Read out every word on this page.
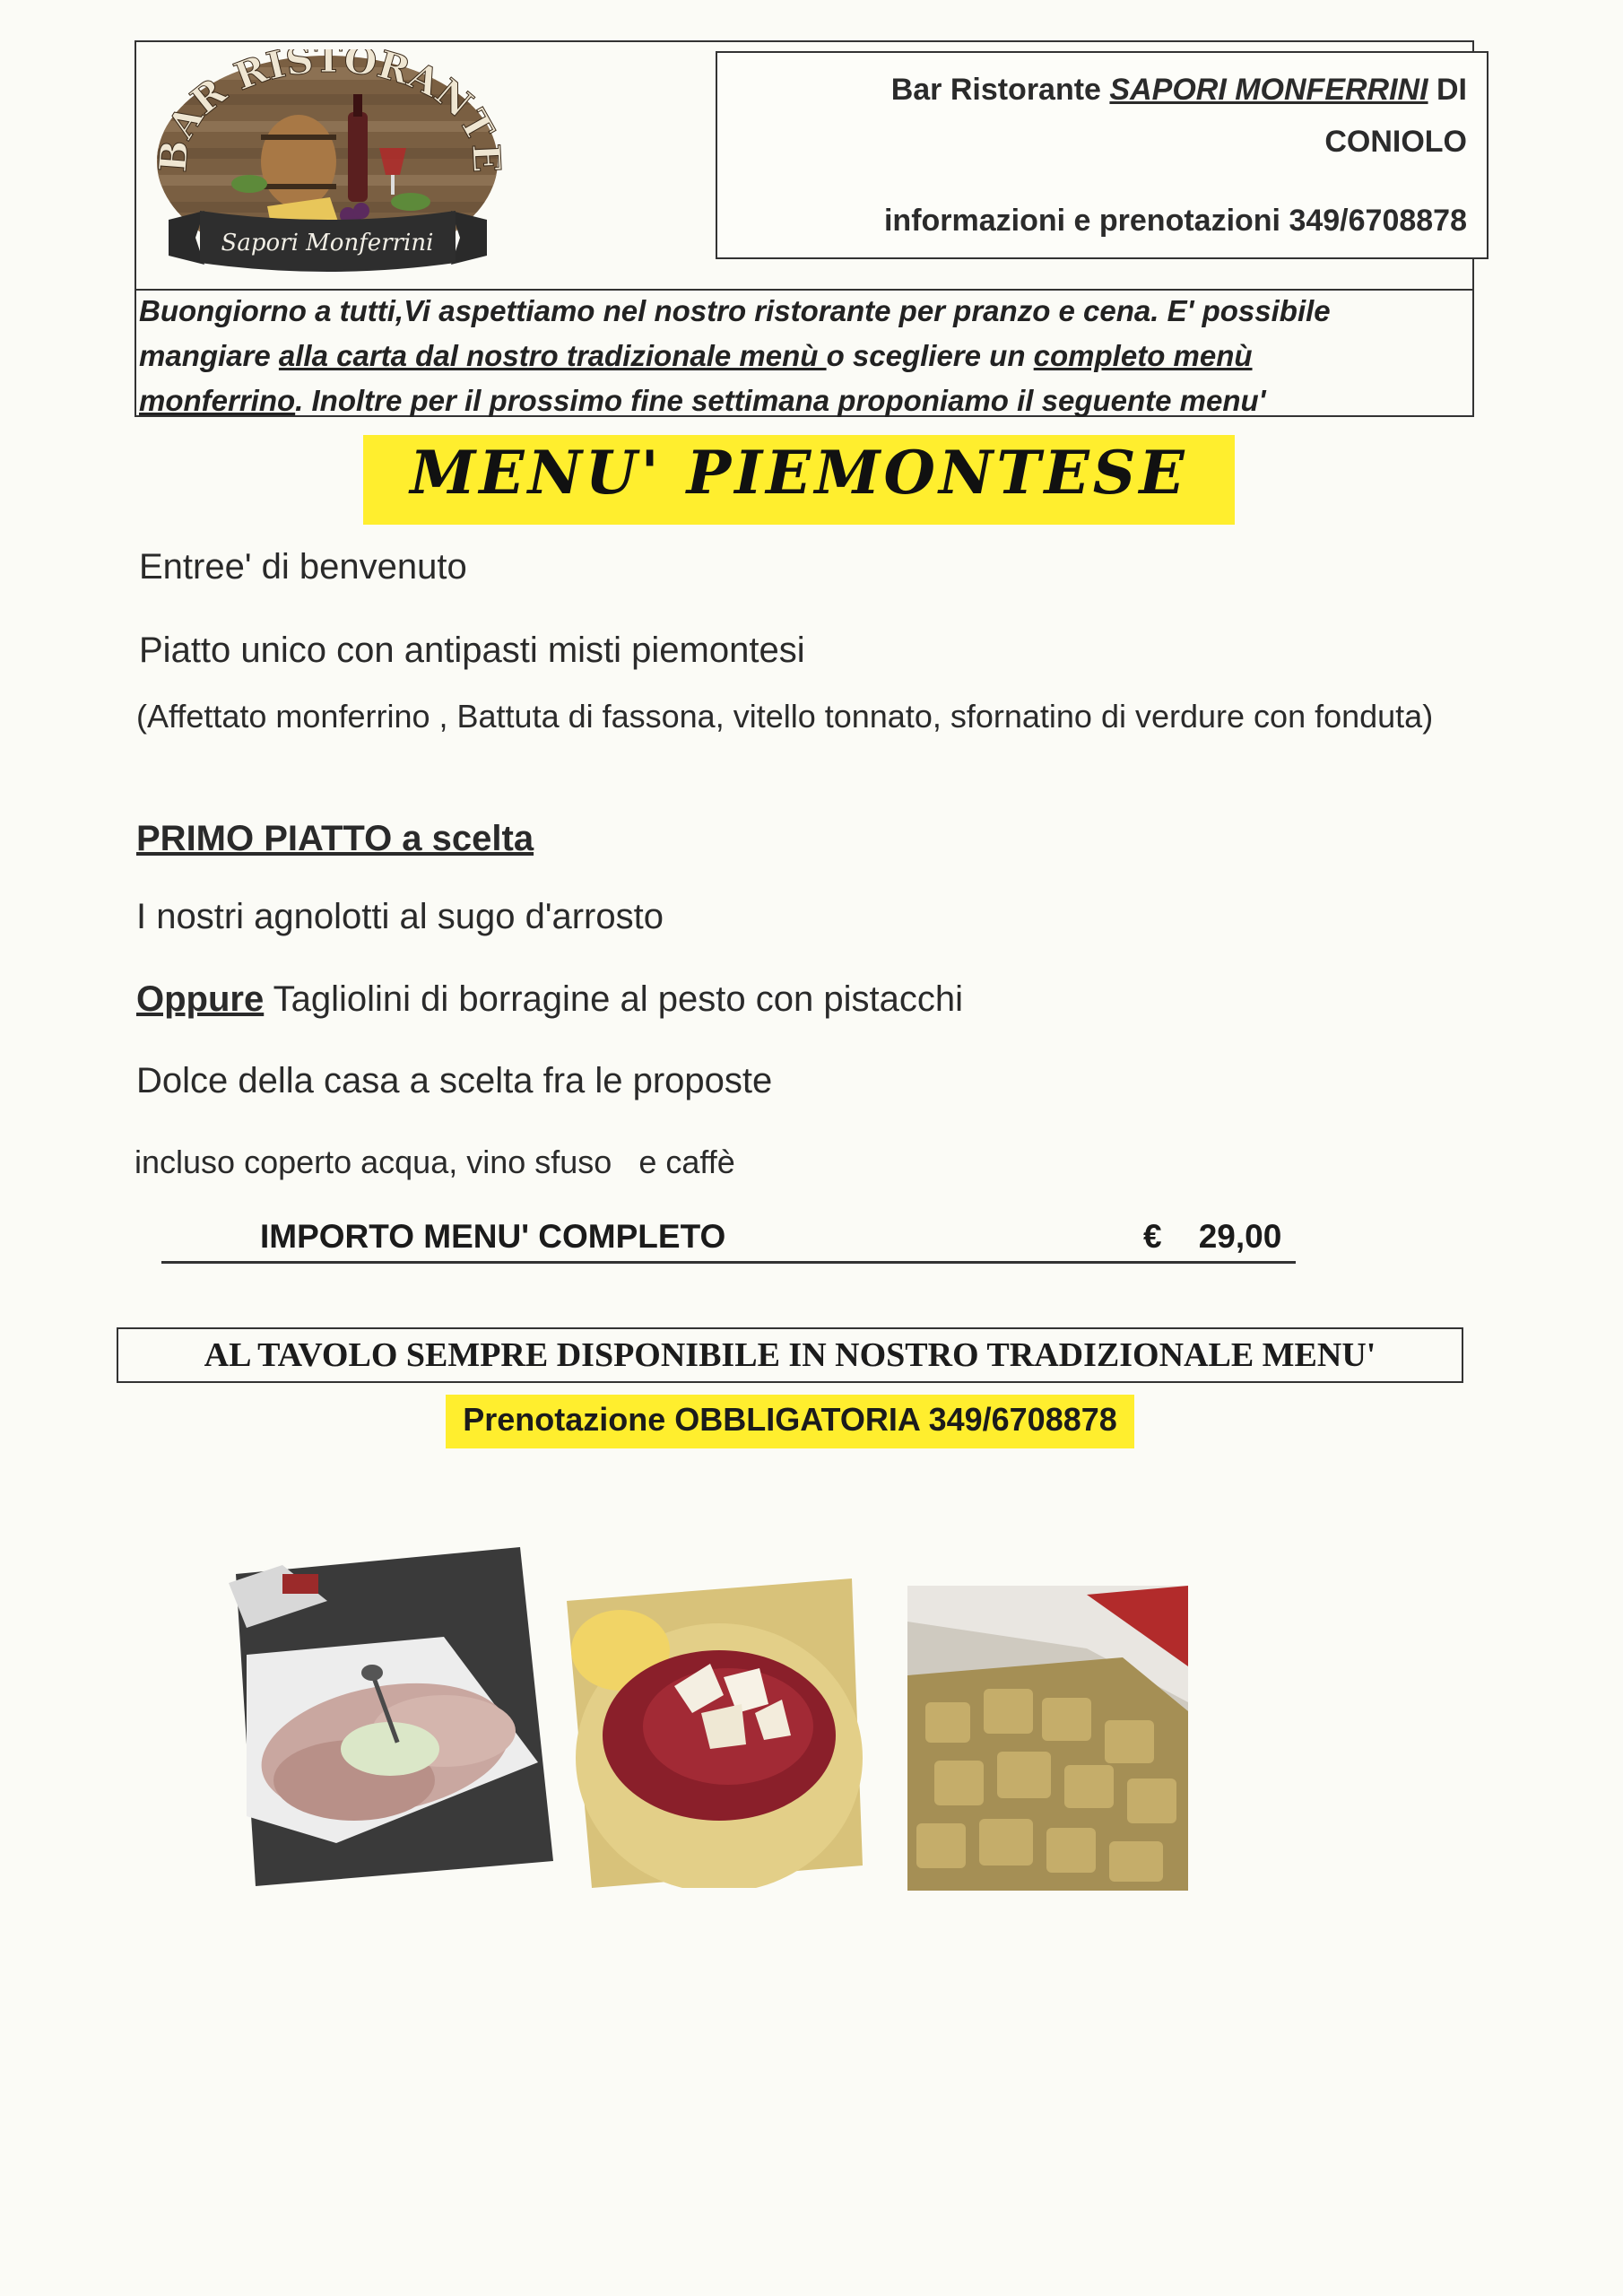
BAR RISTORANTE
Sapori Monferrini
Bar Ristorante SAPORI MONFERRINI DI
CONIOLO
informazioni e prenotazioni 349/6708878
Buongiorno a tutti,Vi aspettiamo nel nostro ristorante per pranzo e cena. E' possibile
mangiare alla carta dal nostro tradizionale menù o scegliere un completo menù
monferrino. Inoltre per il prossimo fine settimana proponiamo il seguente menu'
MENU' PIEMONTESE
Entree' di benvenuto
Piatto unico con antipasti misti piemontesi
(Affettato monferrino , Battuta di fassona, vitello tonnato, sfornatino di verdure con fonduta)
PRIMO PIATTO a scelta
I nostri agnolotti al sugo d'arrosto
Oppure Tagliolini di borragine al pesto con pistacchi
Dolce della casa a scelta fra le proposte
incluso coperto acqua, vino sfuso   e caffè
IMPORTO MENU' COMPLETO	€    29,00
AL TAVOLO SEMPRE DISPONIBILE IN NOSTRO TRADIZIONALE MENU'
Prenotazione OBBLIGATORIA 349/6708878
